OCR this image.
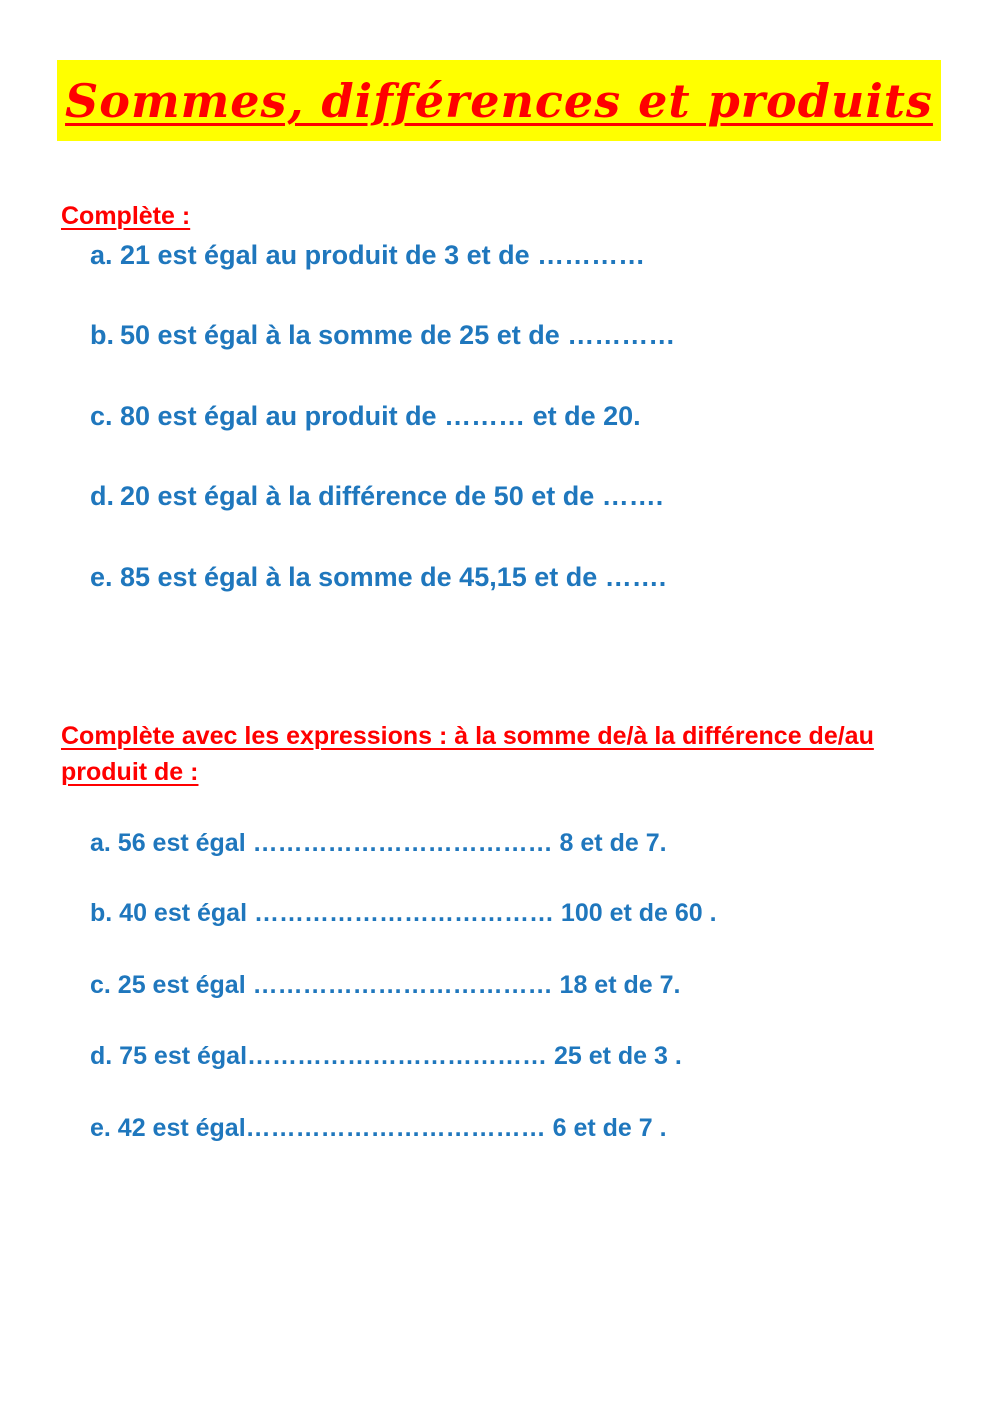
Sommes, différences et produits

Complète :

a. 21 est égal au produit de 3 et de …………
b. 50 est égal à la somme de 25 et de …………
c. 80 est égal au produit de ……… et de 20.
d. 20 est égal à la différence de 50 et de …….
e. 85 est égal à la somme de 45,15 et de …….

Complète avec les expressions : à la somme de/à la différence de/au produit de :

a. 56 est égal ……………………………… 8 et de 7.
b. 40 est égal ……………………………… 100 et de 60 .
c. 25 est égal ……………………………… 18 et de 7.
d. 75 est égal……………………………… 25 et de 3 .
e. 42 est égal……………………………… 6 et de 7 .
